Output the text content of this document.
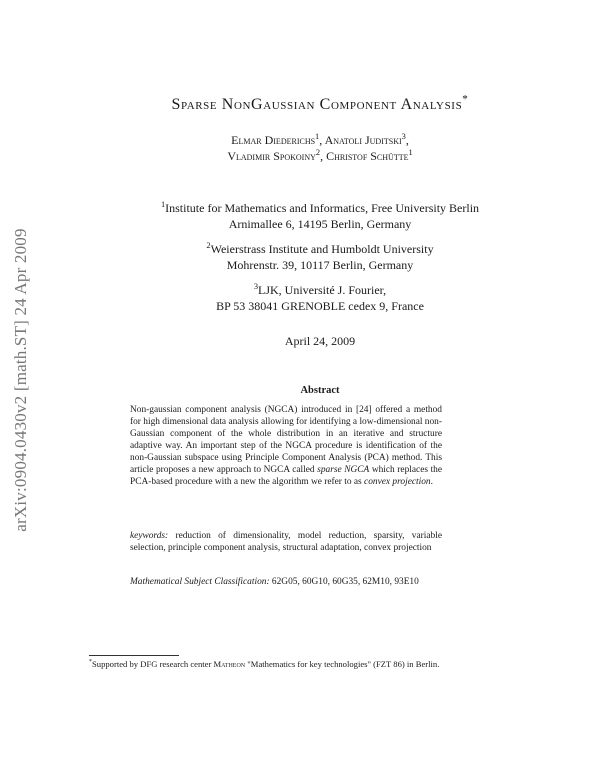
arXiv:0904.0430v2 [math.ST] 24 Apr 2009
Sparse NonGaussian Component Analysis*
Elmar Diederichs$^1$, Anatoli Juditski$^3$,
Vladimir Spokoiny$^2$, Christof Schütte$^1$
$^1$Institute for Mathematics and Informatics, Free University Berlin
Arnimallee 6, 14195 Berlin, Germany
$^2$Weierstrass Institute and Humboldt University
Mohrenstr. 39, 10117 Berlin, Germany
$^3$LJK, Université J. Fourier,
BP 53 38041 GRENOBLE cedex 9, France
April 24, 2009
Abstract
Non-gaussian component analysis (NGCA) introduced in [24] offered a method for high dimensional data analysis allowing for identifying a low-dimensional non-Gaussian component of the whole distribution in an iterative and structure adaptive way. An important step of the NGCA procedure is identification of the non-Gaussian subspace using Principle Component Analysis (PCA) method. This article proposes a new approach to NGCA called sparse NGCA which replaces the PCA-based procedure with a new the algorithm we refer to as convex projection.
keywords: reduction of dimensionality, model reduction, sparsity, variable selection, principle component analysis, structural adaptation, convex projection
Mathematical Subject Classification: 62G05, 60G10, 60G35, 62M10, 93E10
*Supported by DFG research center Matheon "Mathematics for key technologies" (FZT 86) in Berlin.
